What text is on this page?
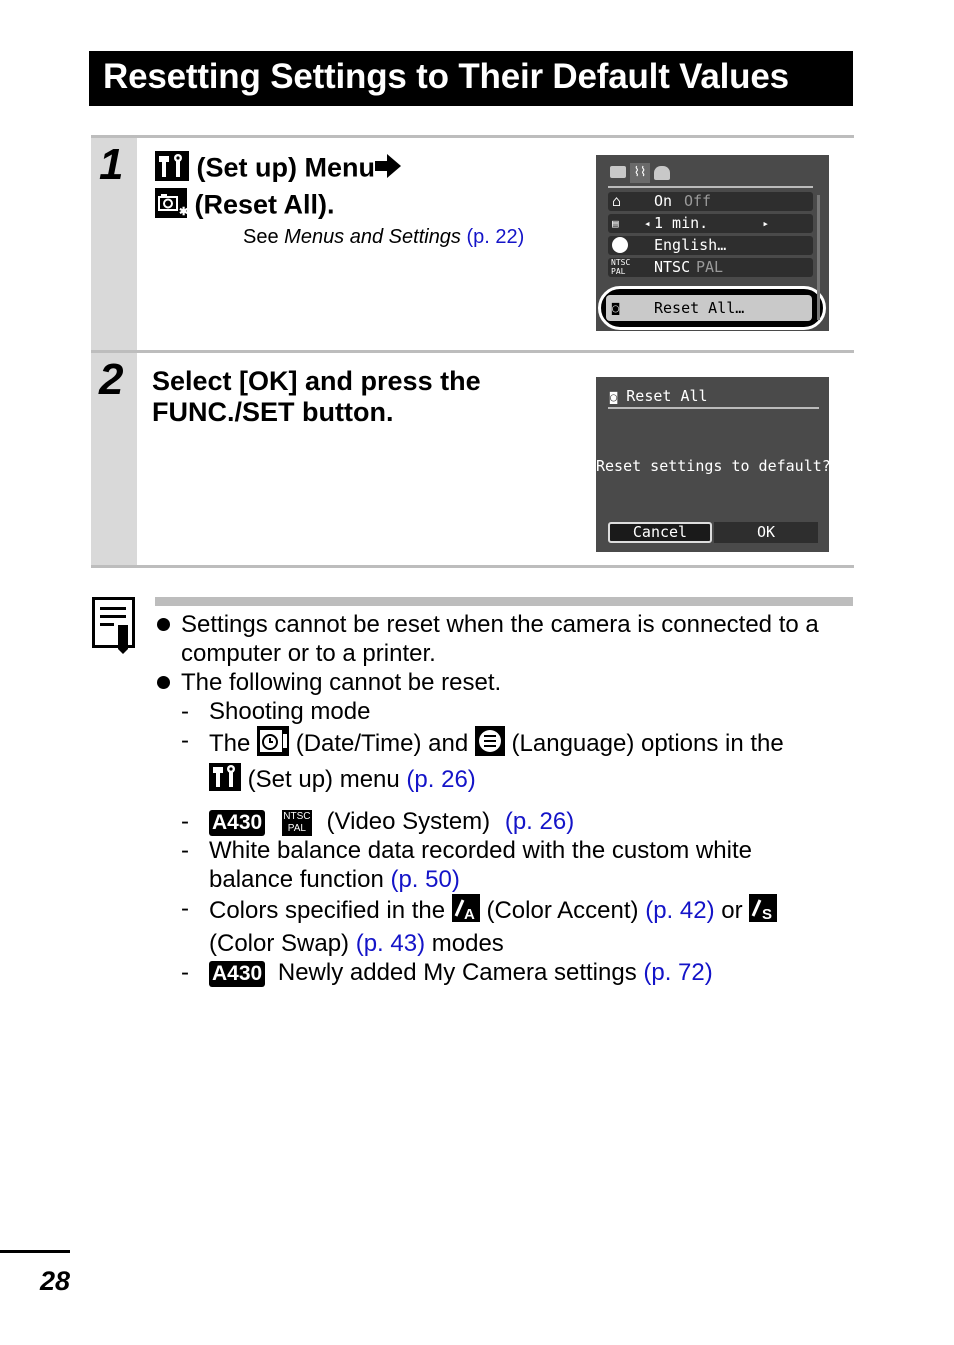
Resetting Settings to Their Default Values
1	(Set up) Menu

✱ (Reset All).
See Menus and Settings (p. 22)
⌇⌇
⌂ On Off
▤ ◂ 1 min.	▸
English…
NTSC
PAL	NTSC PAL
◙ Reset All…
2 Select [OK] and press the
FUNC./SET button.	◙ Reset All
Reset settings to default?
Cancel	OK
Settings cannot be reset when the camera is connected to a
computer or to a printer.
The following cannot be reset.
- Shooting mode
- The (Date/Time) and (Language) options in the
(Set up) menu (p. 26)
- A430 NTSC
PAL (Video System) (p. 26)
- White balance data recorded with the custom white
balance function (p. 50)
- Colors specified in the A (Color Accent) (p. 42) or S

(Color Swap) (p. 43) modes
- A430 Newly added My Camera settings (p. 72)
28
